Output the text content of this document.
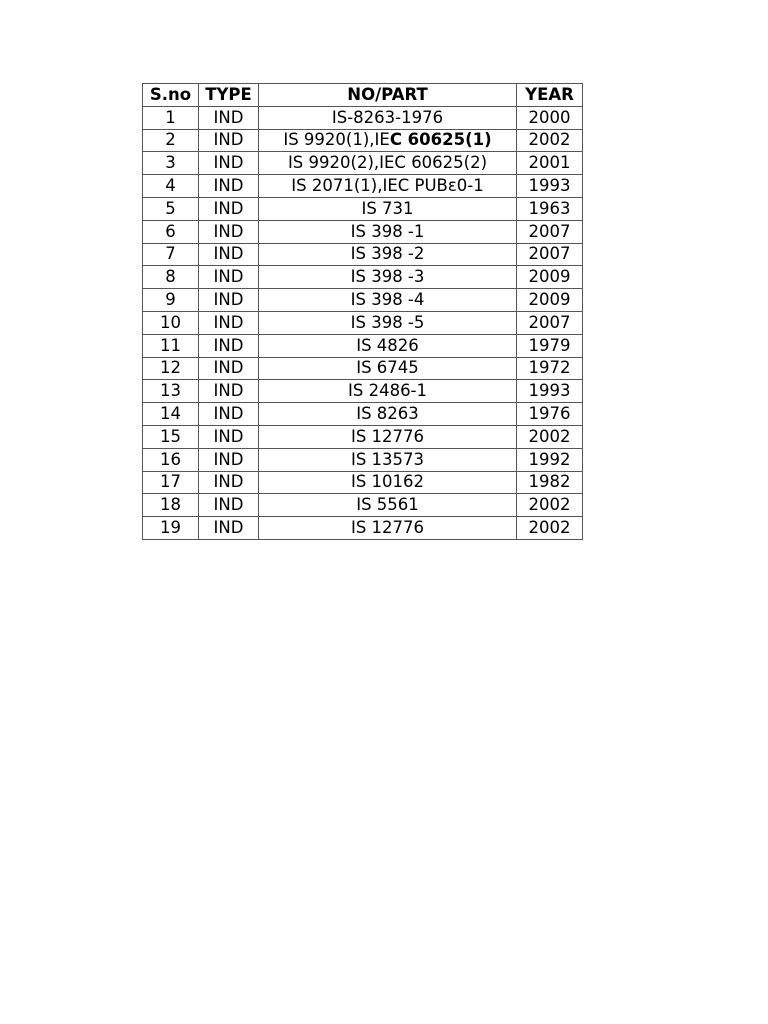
S.no	TYPE	NO/PART	YEAR
1	IND	IS-8263-1976	2000
2	IND	IS 9920(1),IEC 60625(1)	2002
3	IND	IS 9920(2),IEC 60625(2)	2001
4	IND	IS 2071(1),IEC PUBε0-1	1993
5	IND	IS 731	1963
6	IND	IS 398 -1	2007
7	IND	IS 398 -2	2007
8	IND	IS 398 -3	2009
9	IND	IS 398 -4	2009
10	IND	IS 398 -5	2007
11	IND	IS 4826	1979
12	IND	IS 6745	1972
13	IND	IS 2486-1	1993
14	IND	IS 8263	1976
15	IND	IS 12776	2002
16	IND	IS 13573	1992
17	IND	IS 10162	1982
18	IND	IS 5561	2002
19	IND	IS 12776	2002
